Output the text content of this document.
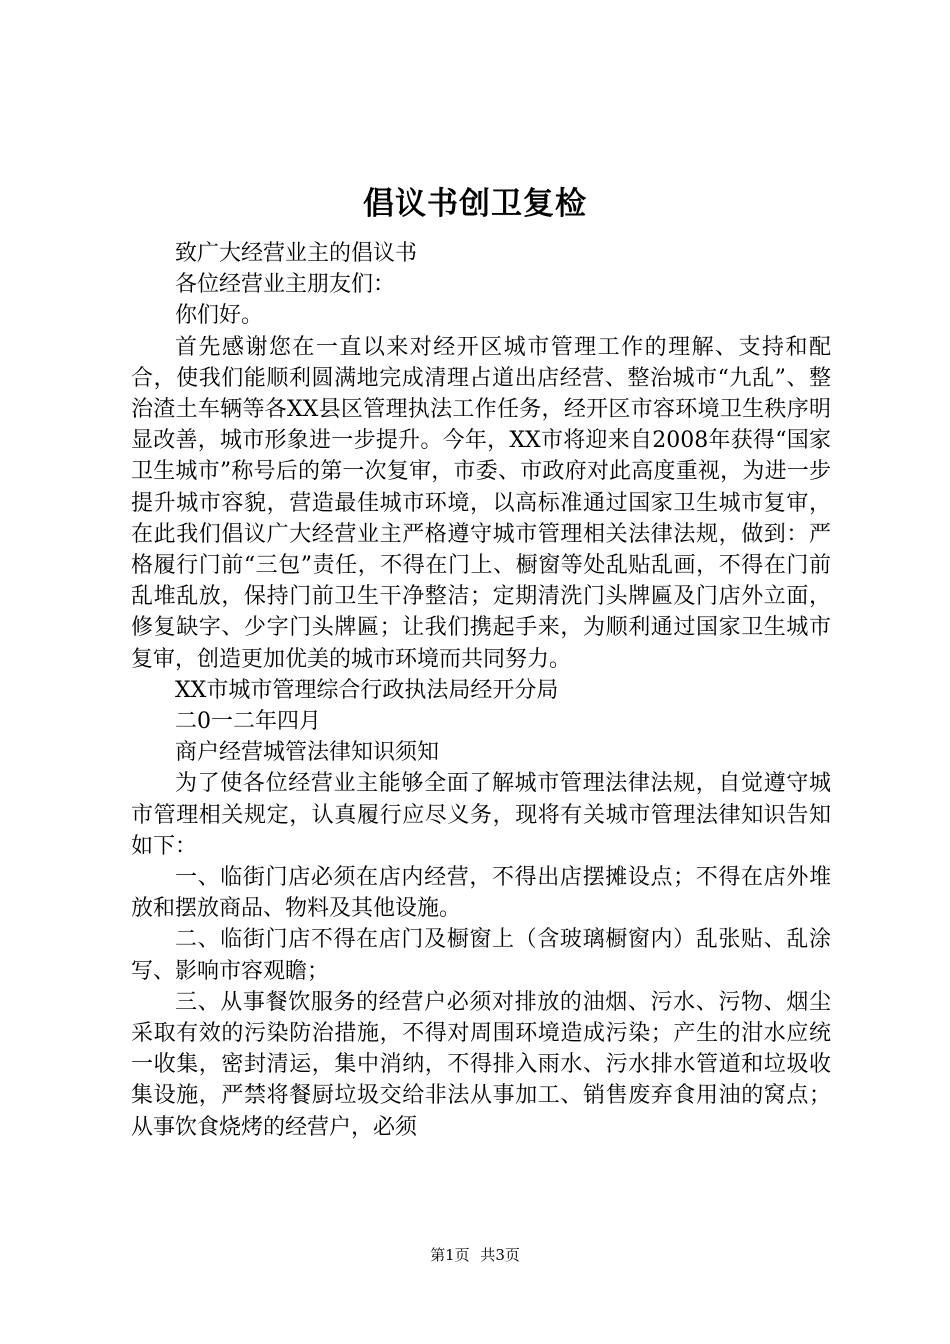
倡议书创卫复检

致广大经营业主的倡议书

各位经营业主朋友们：

你们好。

首先感谢您在一直以来对经开区城市管理工作的理解、支持和配合，使我们能顺利圆满地完成清理占道出店经营、整治城市“九乱”、整治渣土车辆等各XX县区管理执法工作任务，经开区市容环境卫生秩序明显改善，城市形象进一步提升。今年，XX市将迎来自2008年获得“国家卫生城市”称号后的第一次复审，市委、市政府对此高度重视，为进一步提升城市容貌，营造最佳城市环境，以高标准通过国家卫生城市复审，在此我们倡议广大经营业主严格遵守城市管理相关法律法规，做到：严格履行门前“三包”责任，不得在门上、橱窗等处乱贴乱画，不得在门前乱堆乱放，保持门前卫生干净整洁；定期清洗门头牌匾及门店外立面，修复缺字、少字门头牌匾；让我们携起手来，为顺利通过国家卫生城市复审，创造更加优美的城市环境而共同努力。

XX市城市管理综合行政执法局经开分局

二0一二年四月

商户经营城管法律知识须知

为了使各位经营业主能够全面了解城市管理法律法规，自觉遵守城市管理相关规定，认真履行应尽义务，现将有关城市管理法律知识告知如下：

一、临街门店必须在店内经营，不得出店摆摊设点；不得在店外堆放和摆放商品、物料及其他设施。

二、临街门店不得在店门及橱窗上（含玻璃橱窗内）乱张贴、乱涂写、影响市容观瞻；

三、从事餐饮服务的经营户必须对排放的油烟、污水、污物、烟尘采取有效的污染防治措施，不得对周围环境造成污染；产生的泔水应统一收集，密封清运，集中消纳，不得排入雨水、污水排水管道和垃圾收集设施，严禁将餐厨垃圾交给非法从事加工、销售废弃食用油的窝点；从事饮食烧烤的经营户，必须

第1页 共3页
